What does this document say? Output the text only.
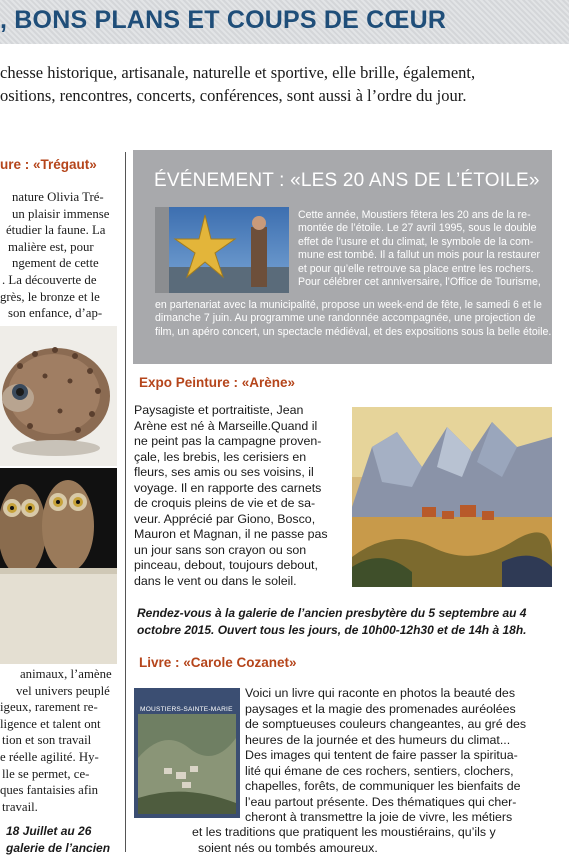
, BONS PLANS ET COUPS DE CŒUR
chesse historique, artisanale, naturelle et sportive, elle brille, également,
ositions, rencontres, concerts, conférences, sont aussi à l’ordre du jour.
ure : «Trégaut»

nature Olivia Tré-

un plaisir immense

étudier la faune. La

malière est, pour

ngement de cette

. La découverte de

grès, le bronze et le

son enfance, d’ap-

animaux, l’amène

vel univers peuplé

igeux, rarement re-

ligence et talent ont

tion et son travail

e réelle agilité. Hy-

lle se permet, ce-

ques fantaisies afin

travail.

18 Juillet au 26
galerie de l’ancien
ÉVÉNEMENT : «LES 20 ANS DE L’ÉTOILE»

Cette année, Moustiers fêtera les 20 ans de la re-

montée de l’étoile. Le 27 avril 1995, sous le double

effet de l’usure et du climat, le symbole de la com-

mune est tombé. Il a fallut un mois pour la restaurer

et pour qu’elle retrouve sa place entre les rochers.

Pour célébrer cet anniversaire, l’Office de Tourisme,

en partenariat avec la municipalité, propose un week-end de fête, le samedi 6 et le

dimanche 7 juin. Au programme une randonnée accompagnée, une projection de

film, un apéro concert, un spectacle médiéval, et des expositions sous la belle étoile...

Expo Peinture : «Arène»

Paysagiste et portraitiste, Jean

Arène est né à Marseille.Quand il

ne peint pas la campagne proven-

çale, les brebis, les cerisiers en

fleurs, ses amis ou ses voisins, il

voyage. Il en rapporte des carnets

de croquis pleins de vie et de sa-

veur. Apprécié par Giono, Bosco,

Mauron et Magnan, il ne passe pas

un jour sans son crayon ou son

pinceau, debout, toujours debout,

dans le vent ou dans le soleil.

Rendez-vous à la galerie de l’ancien presbytère du 5 septembre au 4
octobre 2015. Ouvert tous les jours, de 10h00-12h30 et de 14h à 18h.
Livre : «Carole Cozanet»
MOUSTIERS-SAINTE-MARIE

Voici un livre qui raconte en photos la beauté des

paysages et la magie des promenades auréolées

de somptueuses couleurs changeantes, au gré des

heures de la journée et des humeurs du climat...

Des images qui tentent de faire passer la spiritua-

lité qui émane de ces rochers, sentiers, clochers,

chapelles, forêts, de communiquer les bienfaits de

l’eau partout présente. Des thématiques qui cher-

cheront à transmettre la joie de vivre, les métiers

et les traditions que pratiquent les moustiérains, qu’ils y

soient nés ou tombés amoureux.
